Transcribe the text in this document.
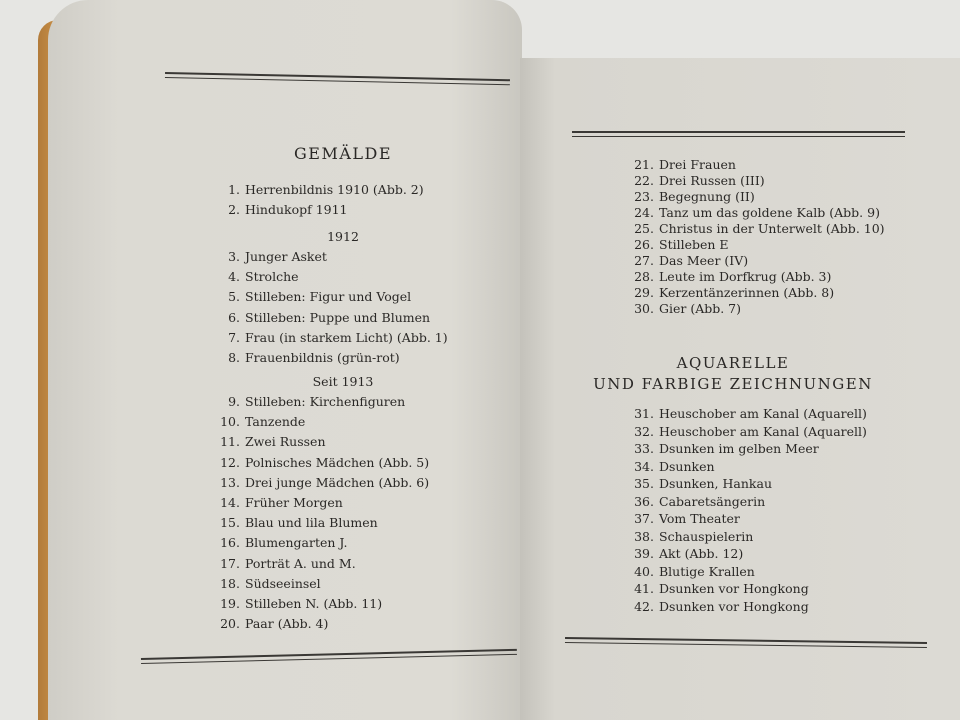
GEMÄLDE
1. Herrenbildnis 1910 (Abb. 2)
2. Hindukopf 1911
1912
3. Junger Asket
4. Strolche
5. Stilleben: Figur und Vogel
6. Stilleben: Puppe und Blumen
7. Frau (in starkem Licht) (Abb. 1)
8. Frauenbildnis (grün-rot)
Seit 1913
9. Stilleben: Kirchenfiguren
10. Tanzende
11. Zwei Russen
12. Polnisches Mädchen (Abb. 5)
13. Drei junge Mädchen (Abb. 6)
14. Früher Morgen
15. Blau und lila Blumen
16. Blumengarten J.
17. Porträt A. und M.
18. Südseeinsel
19. Stilleben N. (Abb. 11)
20. Paar (Abb. 4)
21. Drei Frauen
22. Drei Russen (III)
23. Begegnung (II)
24. Tanz um das goldene Kalb (Abb. 9)
25. Christus in der Unterwelt (Abb. 10)
26. Stilleben E
27. Das Meer (IV)
28. Leute im Dorfkrug (Abb. 3)
29. Kerzentänzerinnen (Abb. 8)
30. Gier (Abb. 7)
AQUARELLE
UND FARBIGE ZEICHNUNGEN
31. Heuschober am Kanal (Aquarell)
32. Heuschober am Kanal (Aquarell)
33. Dsunken im gelben Meer
34. Dsunken
35. Dsunken, Hankau
36. Cabaretsängerin
37. Vom Theater
38. Schauspielerin
39. Akt (Abb. 12)
40. Blutige Krallen
41. Dsunken vor Hongkong
42. Dsunken vor Hongkong
